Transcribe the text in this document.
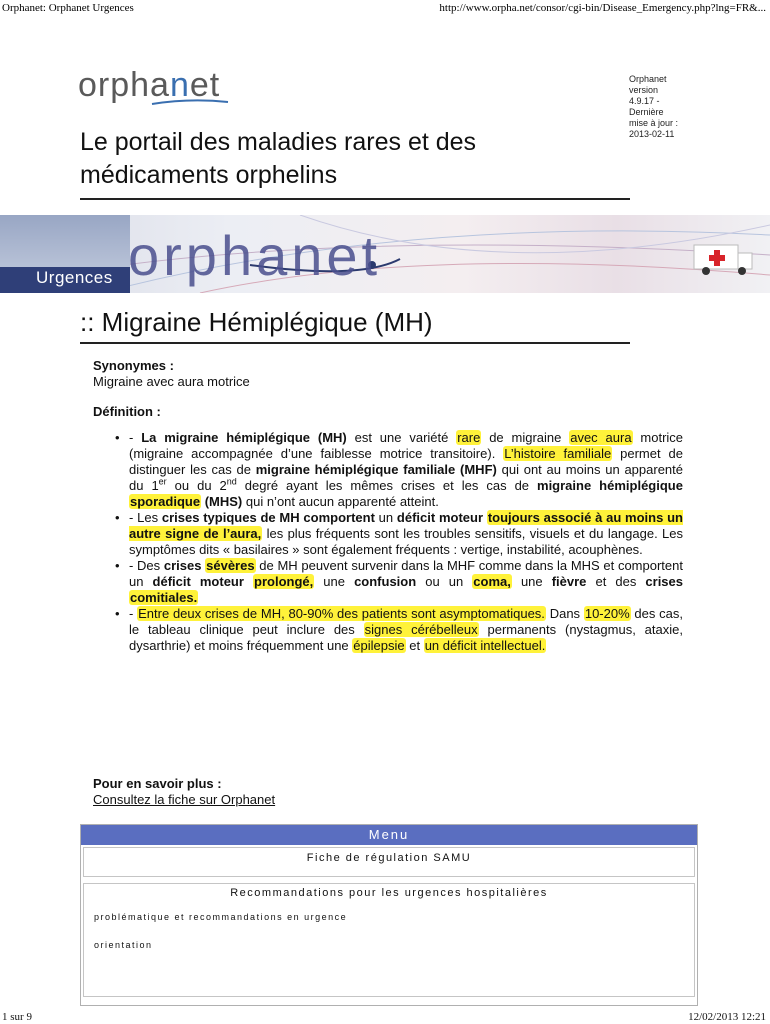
Orphanet: Orphanet Urgences	http://www.orpha.net/consor/cgi-bin/Disease_Emergency.php?lng=FR&...
orphanet	Orphanet
version
4.9.17 -
Dernière
mise à jour :
2013-02-11
Le portail des maladies rares et des médicaments orphelins
Urgences orphanet
:: Migraine Hémiplégique (MH)

Synonymes :

Migraine avec aura motrice

Définition :

• - La migraine hémiplégique (MH) est une variété rare de migraine avec aura motrice (migraine accompagnée d’une faiblesse motrice transitoire). L’histoire familiale permet de distinguer les cas de migraine hémiplégique familiale (MHF) qui ont au moins un apparenté du 1er ou du 2nd degré ayant les mêmes crises et les cas de migraine hémiplégique sporadique (MHS) qui n’ont aucun apparenté atteint.
• - Les crises typiques de MH comportent un déficit moteur toujours associé à au moins un autre signe de l’aura, les plus fréquents sont les troubles sensitifs, visuels et du langage. Les symptômes dits « basilaires » sont également fréquents : vertige, instabilité, acouphènes.
• - Des crises sévères de MH peuvent survenir dans la MHF comme dans la MHS et comportent un déficit moteur prolongé, une confusion ou un coma, une fièvre et des crises comitiales.
• - Entre deux crises de MH, 80-90% des patients sont asymptomatiques. Dans 10-20% des cas, le tableau clinique peut inclure des signes cérébelleux permanents (nystagmus, ataxie, dysarthrie) et moins fréquemment une épilepsie et un déficit intellectuel.
Pour en savoir plus :
Consultez la fiche sur Orphanet
Menu
Fiche de régulation SAMU
Recommandations pour les urgences hospitalières
problématique et recommandations en urgence
orientation
1 sur 9	12/02/2013 12:21
